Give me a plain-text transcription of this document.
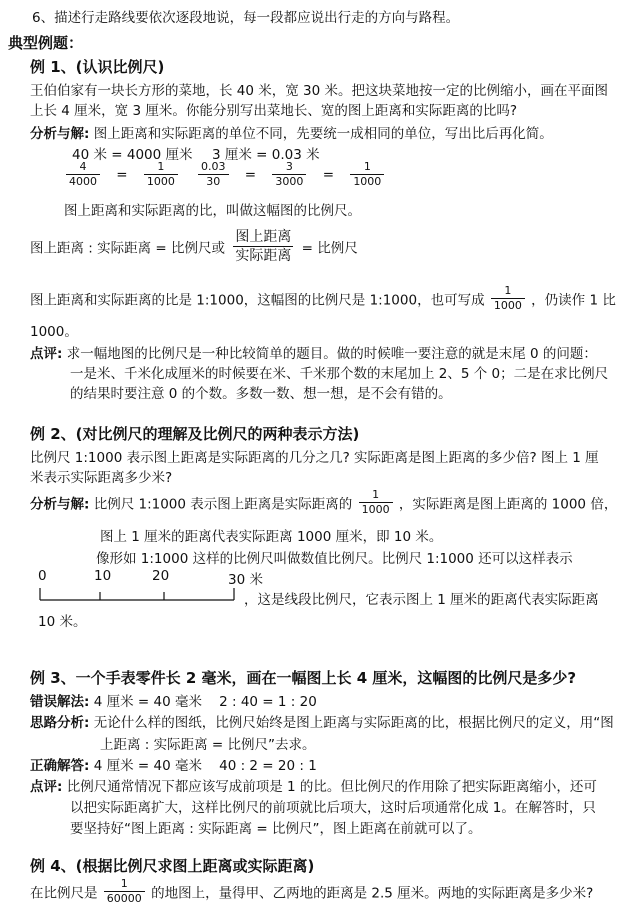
6、描述行走路线要依次逐段地说，每一段都应说出行走的方向与路程。
典型例题：
例 1、(认识比例尺)
王伯伯家有一块长方形的菜地，长 40 米，宽 30 米。把这块菜地按一定的比例缩小，画在平面图
上长 4 厘米，宽 3 厘米。你能分别写出菜地长、宽的图上距离和实际距离的比吗?
分析与解: 图上距离和实际距离的单位不同，先要统一成相同的单位，写出比后再化简。
40 米 = 4000 厘米 3 厘米 = 0.03 米
$\frac{4}{4000} = \frac{1}{1000} \frac{0.03}{30} = \frac{3}{3000} = \frac{1}{1000}$
图上距离和实际距离的比，叫做这幅图的比例尺。
图上距离 : 实际距离 = 比例尺或
图上距离
实际距离 = 比例尺
图上距离和实际距离的比是 1:1000，这幅图的比例尺是 1:1000，也可写成 $\frac{1}{1000}$ ，仍读作 1 比
1000。
点评: 求一幅地图的比例尺是一种比较简单的题目。做的时候唯一要注意的就是末尾 0 的问题：
一是米、千米化成厘米的时候要在米、千米那个数的末尾加上 2、5 个 0；二是在求比例尺
的结果时要注意 0 的个数。多数一数、想一想，是不会有错的。
例 2、(对比例尺的理解及比例尺的两种表示方法)
比例尺 1:1000 表示图上距离是实际距离的几分之几? 实际距离是图上距离的多少倍? 图上 1 厘
米表示实际距离多少米?
分析与解: 比例尺 1:1000 表示图上距离是实际距离的 $\frac{1}{1000}$ ，实际距离是图上距离的 1000 倍，
图上 1 厘米的距离代表实际距离 1000 厘米，即 10 米。
像形如 1:1000 这样的比例尺叫做数值比例尺。比例尺 1:1000 还可以这样表示
0	10	20	30 米
，这是线段比例尺，它表示图上 1 厘米的距离代表实际距离
10 米。
例 3、一个手表零件长 2 毫米，画在一幅图上长 4 厘米，这幅图的比例尺是多少?
错误解法: 4 厘米 = 40 毫米    2 : 40 = 1 : 20
思路分析: 无论什么样的图纸，比例尺始终是图上距离与实际距离的比，根据比例尺的定义，用“图
上距离 : 实际距离 = 比例尺”去求。
正确解答: 4 厘米 = 40 毫米    40 : 2 = 20 : 1
点评: 比例尺通常情况下都应该写成前项是 1 的比。但比例尺的作用除了把实际距离缩小，还可
以把实际距离扩大，这样比例尺的前项就比后项大，这时后项通常化成 1。在解答时，只
要坚持好“图上距离 : 实际距离 = 比例尺”，图上距离在前就可以了。
例 4、(根据比例尺求图上距离或实际距离)
在比例尺是 $\frac{1}{60000}$ 的地图上，量得甲、乙两地的距离是 2.5 厘米。两地的实际距离是多少米?
